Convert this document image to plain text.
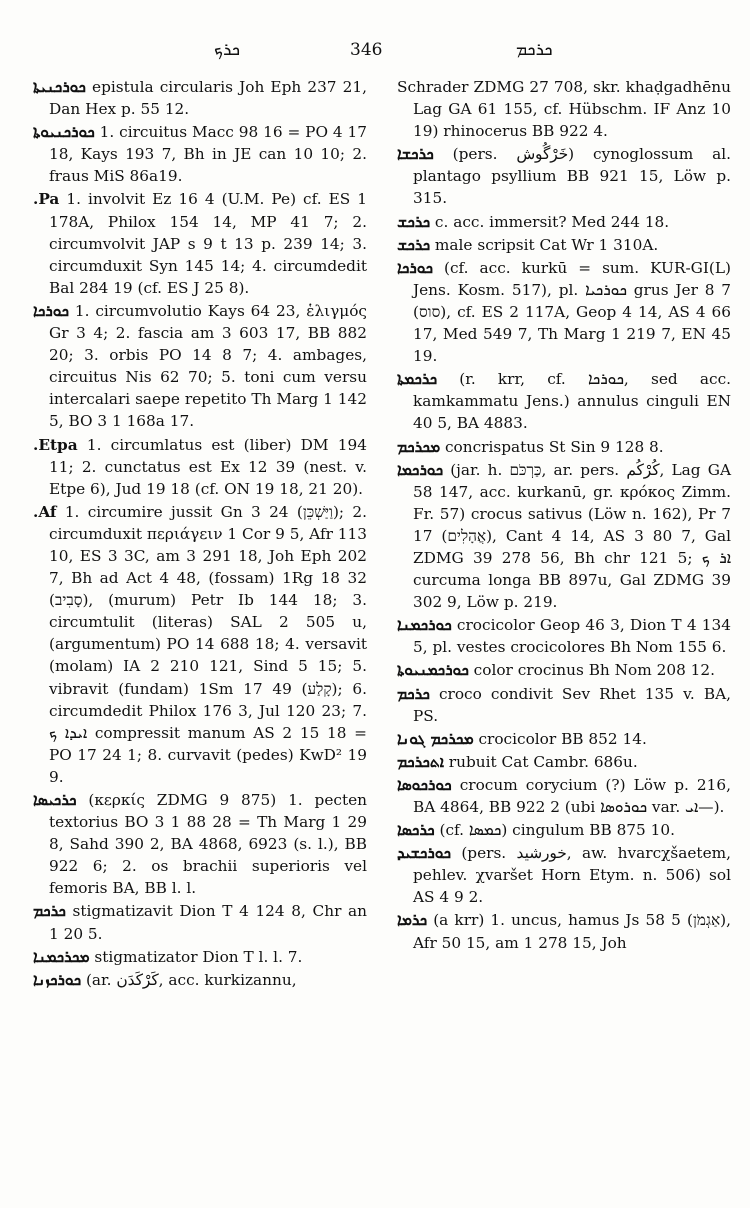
ܟܪܟ	346	ܟܪܟܡ

ܟܘܪܟܢܝܬܐ epistula circularis Joh Eph 237 21, Dan Hex p. 55 12.

ܟܘܪܟܢܝܘܬܐ 1. circuitus Macc 98 16 = PO 4 17 18, Kays 193 7, Bh in JE can 10 10; 2. fraus MiS 86a19.

Pa. 1. involvit Ez 16 4 (U.M. Pe) cf. ES 1 178A, Philox 154 14, MP 41 7; 2. circumvolvit JAP s 9 t 13 p. 239 14; 3. circumduxit Syn 145 14; 4. circumdedit Bal 284 19 (cf. ES J 25 8).

ܟܘܪܟܐ 1. circumvolutio Kays 64 23, ἑλιγμός Gr 3 4; 2. fascia am 3 603 17, BB 882 20; 3. orbis PO 14 8 7; 4. ambages, circuitus Nis 62 70; 5. toni cum versu intercalari saepe repetito Th Marg 1 142 5, BO 3 1 168a 17.

Etpa. 1. circumlatus est (liber) DM 194 11; 2. cunctatus est Ex 12 39 (nest. v. Etpe 6), Jud 19 18 (cf. ON 19 18, 21 20).

Af. 1. circumire jussit Gn 3 24 (וַיַּשְׁכֵּן); 2. circumduxit περιάγειν 1 Cor 9 5, Afr 113 10, ES 3 3C, am 3 291 18, Joh Eph 202 7, Bh ad Act 4 48, (fossam) 1Rg 18 32 (סָבִיב), (murum) Petr Ib 144 18; 3. circumtulit (literas) SAL 2 505 u, (argumentum) PO 14 688 18; 4. versavit (molam) IA 2 210 121, Sind 5 15; 5. vibravit (fundam) 1Sm 17 49 (קָלַע); 6. circumdedit Philox 176 3, Jul 120 23; 7. ܐܝܕܐ ܟ compressit manum AS 2 15 18 = PO 17 24 1; 8. curvavit (pedes) KwD² 19 9.

ܟܪܟܝܣܐ (κερκίς ZDMG 9 875) 1. pecten textorius BO 3 1 88 28 = Th Marg 1 29 8, Sahd 390 2, BA 4868, 6923 (s. l.), BB 922 6; 2. os brachii superioris vel femoris BA, BB l. l.

ܟܪܟܡ stigmatizavit Dion T 4 124 8, Chr an 1 20 5.

ܡܟܪܟܡܢܐ stigmatizator Dion T l. l. 7.

ܟܘܪܟܙܢܐ (ar. كَرْكَدَن, acc. kurkizannu,

Schrader ZDMG 27 708, skr. khaḍgadhēnu Lag GA 61 155, cf. Hübschm. IF Anz 10 19) rhinocerus BB 922 4.

ܟܪܟܫܐ (pers. خَرْگُوش) cynoglossum al. plantago psyllium BB 921 15, Löw p. 315.

ܟܪܟܫ c. acc. immersit? Med 244 18.

ܟܪܟܫ male scripsit Cat Wr 1 310A.

ܟܘܪܟܐ (cf. acc. kurkū = sum. KUR-GI(L) Jens. Kosm. 517), pl. ܟܘܪܟܝܐ grus Jer 8 7 (סוס), cf. ES 2 117A, Geop 4 14, AS 4 66 17, Med 549 7, Th Marg 1 219 7, EN 45 19.

ܟܪܟܡܬܐ (r. krr, cf. ܟܘܪܟܐ, sed acc. kamkammatu Jens.) annulus cinguli EN 40 5, BA 4883.

ܡܟܪܟܡ concrispatus St Sin 9 128 8.

ܟܘܪܟܡܐ (jar. h. כַּרְכֹּם, ar. pers. كُرْكُم, Lag GA 58 147, acc. kurkanū, gr. κρόκος Zimm. Fr. 57) crocus sativus (Löw n. 162), Pr 7 17 (אֲהָלִים), Cant 4 14, AS 3 80 7, Gal ZDMG 39 278 56, Bh chr 121 5; ܐܪ ܟ curcuma longa BB 897u, Gal ZDMG 39 302 9, Löw p. 219.

ܟܘܪܟܡܢܐ crocicolor Geop 46 3, Dion T 4 134 5, pl. vestes crocicolores Bh Nom 155 6.

ܟܘܪܟܡܢܝܘܬܐ color crocinus Bh Nom 208 12.

ܟܪܟܡ croco condivit Sev Rhet 135 v. BA, PS.

ܡܟܪܟܡ ܓܘܢܐ crocicolor BB 852 14.

ܐܬܟܪܟܡ rubuit Cat Cambr. 686u.

ܟܘܪܟܘܣܐ crocum corycium (?) Löw p. 216, BA 4864, BB 922 2 (ubi ܟܘܪܘܣܐ var. ܐܝ—).

ܟܪܟܣܐ (cf. ܟܡܣܐ) cingulum BB 875 10.

ܟܘܪܟܫܝܕ (pers. خورشيد, aw. hvarcχšaetem, pehlev. χvaršet Horn Etym. n. 506) sol AS 4 9 2.

ܟܪܡܐ (a krr) 1. uncus, hamus Js 58 5 (אַגְמֹן), Afr 50 15, am 1 278 15, Joh
